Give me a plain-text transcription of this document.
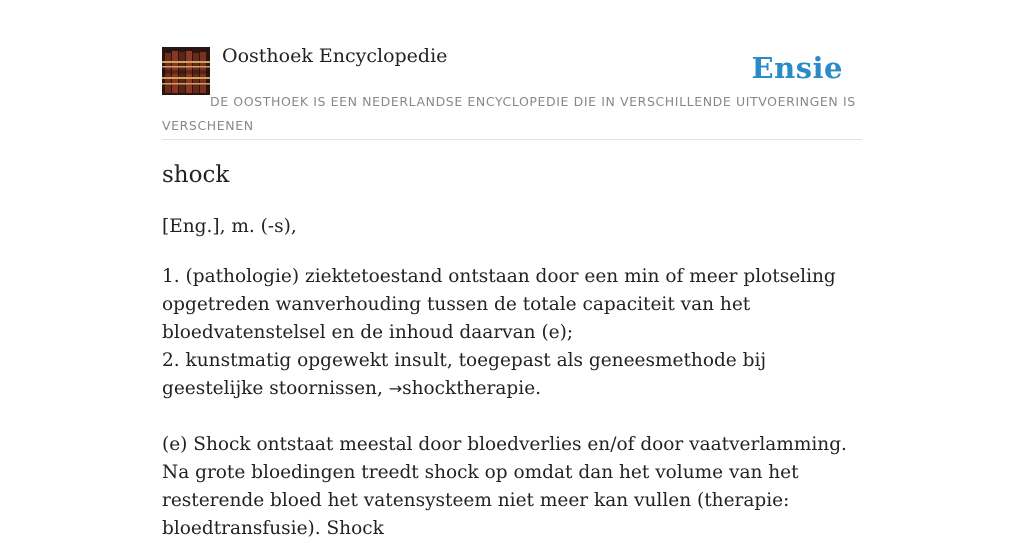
Oosthoek Encyclopedie	Ensie

DE OOSTHOEK IS EEN NEDERLANDSE ENCYCLOPEDIE DIE IN VERSCHILLENDE UITVOERINGEN IS VERSCHENEN

shock

[Eng.], m. (-s),

1. (pathologie) ziektetoestand ontstaan door een min of meer plotseling opgetreden wanverhouding tussen de totale capaciteit van het bloedvatenstelsel en de inhoud daarvan (e);

2. kunstmatig opgewekt insult, toegepast als geneesmethode bij geestelijke stoornissen, →shocktherapie.

(e) Shock ontstaat meestal door bloedverlies en/of door vaatverlamming. Na grote bloedingen treedt shock op omdat dan het volume van het resterende bloed het vatensysteem niet meer kan vullen (therapie: bloedtransfusie). Shock
